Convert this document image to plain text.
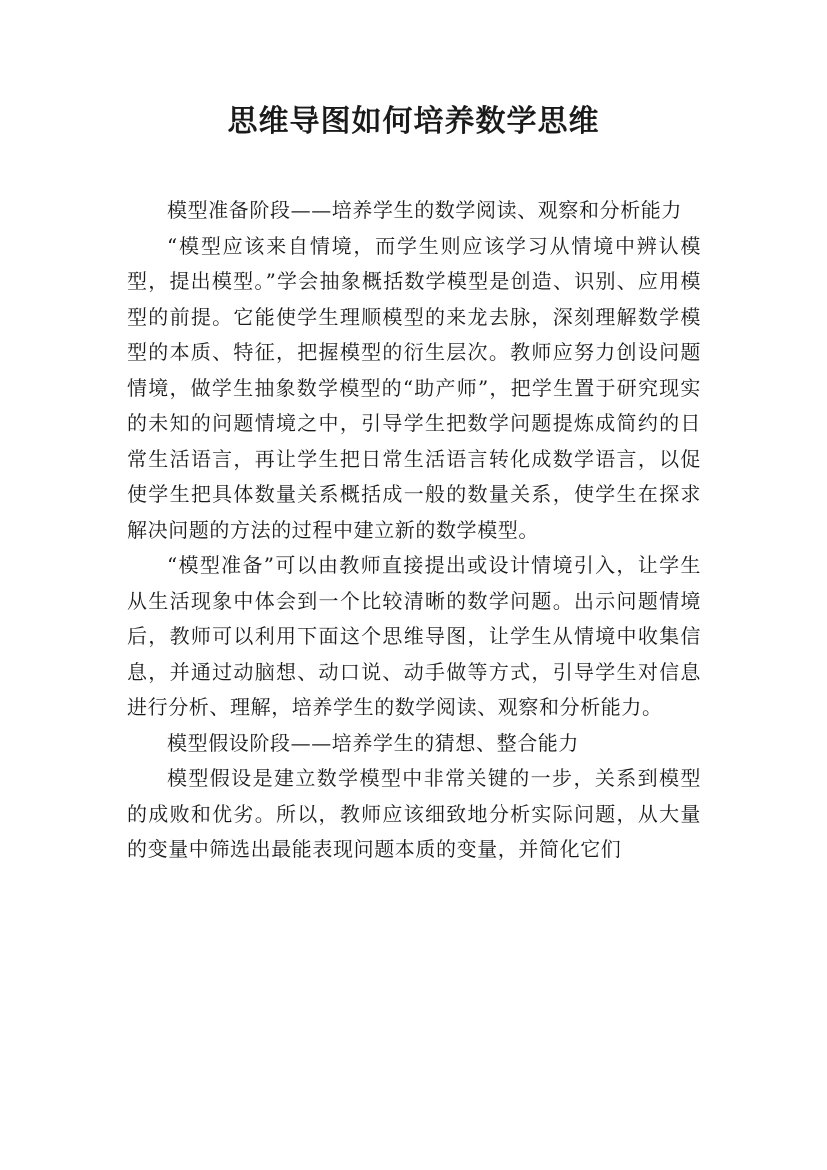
思维导图如何培养数学思维

模型准备阶段——培养学生的数学阅读、观察和分析能力

“模型应该来自情境，而学生则应该学习从情境中辨认模型，提出模型。”学会抽象概括数学模型是创造、识别、应用模型的前提。它能使学生理顺模型的来龙去脉，深刻理解数学模型的本质、特征，把握模型的衍生层次。教师应努力创设问题情境，做学生抽象数学模型的“助产师”，把学生置于研究现实的未知的问题情境之中，引导学生把数学问题提炼成简约的日常生活语言，再让学生把日常生活语言转化成数学语言，以促使学生把具体数量关系概括成一般的数量关系，使学生在探求解决问题的方法的过程中建立新的数学模型。

“模型准备”可以由教师直接提出或设计情境引入，让学生从生活现象中体会到一个比较清晰的数学问题。出示问题情境后，教师可以利用下面这个思维导图，让学生从情境中收集信息，并通过动脑想、动口说、动手做等方式，引导学生对信息进行分析、理解，培养学生的数学阅读、观察和分析能力。

模型假设阶段——培养学生的猜想、整合能力

模型假设是建立数学模型中非常关键的一步，关系到模型的成败和优劣。所以，教师应该细致地分析实际问题，从大量的变量中筛选出最能表现问题本质的变量，并简化它们
